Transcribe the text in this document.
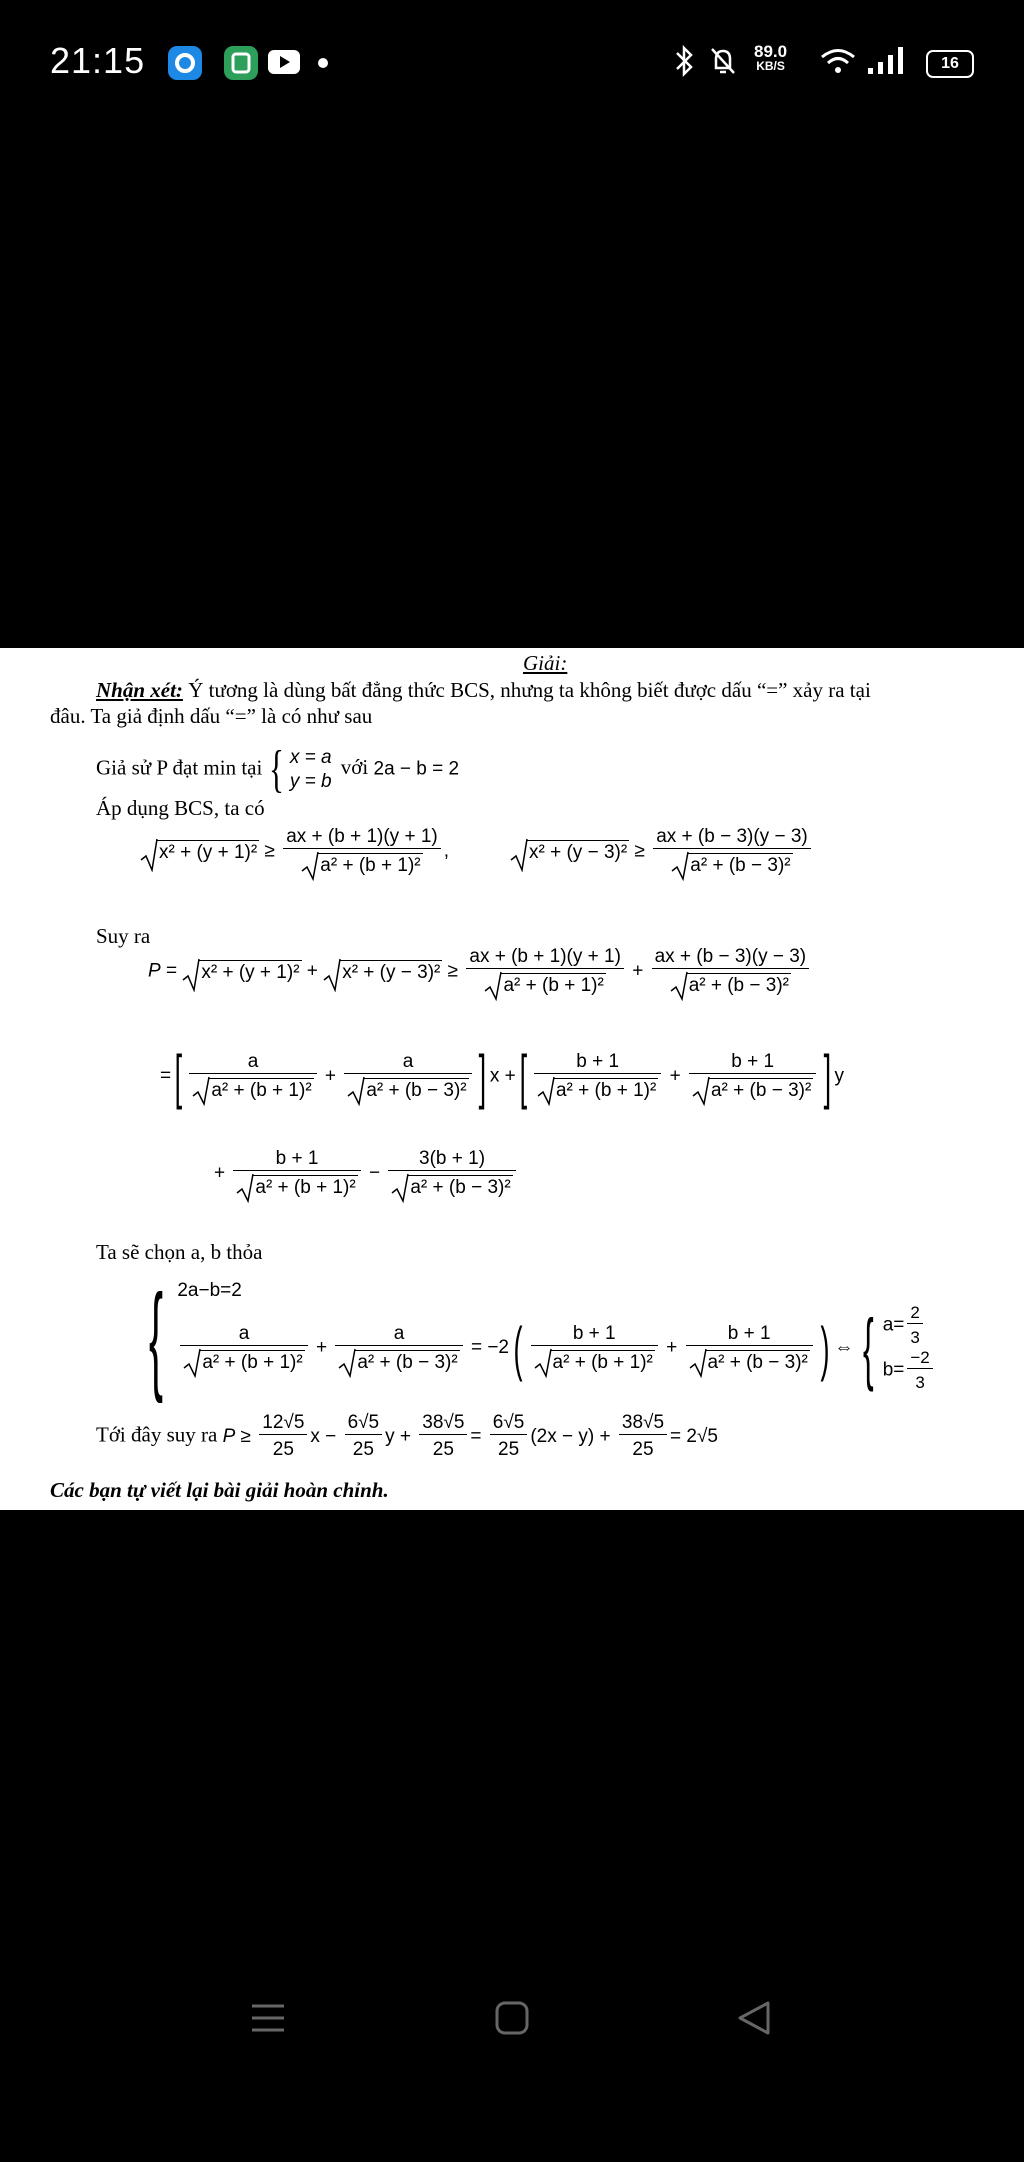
21:15	89.0
KB/S	16
Giải:
Nhận xét: Ý tương là dùng bất đẳng thức BCS, nhưng ta không biết được dấu “=” xảy ra tại
đâu. Ta giả định dấu “=” là có như sau
Giả sử P đạt min tại { x = a
y = b
với 2a − b = 2
Áp dụng BCS, ta có
$x^2 + (y + 1)^2 \ge \frac{ax + (b + 1)(y + 1)}{\text{a² + (b + 1)²}}$ ,	$x^2 + (y - 3)^2 \ge \frac{ax + (b - 3)(y - 3)}{\text{a² + (b − 3)²}}$
Suy ra
P =
x² + (y + 1)² +
$x^2 + (y - 3)^2 \ge \frac{ax + (b + 1)(y + 1)}{\text{a² + (b + 1)²}} + \frac{ax + (b - 3)(y - 3)}{\text{a² + (b − 3)²}}$
= [ $\frac{a}{\text{a² + (b + 1)²}} + \frac{a}{\text{a² + (b − 3)²}}$ ] x + [ $\frac{b + 1}{\text{a² + (b + 1)²}} + \frac{b + 1}{\text{a² + (b − 3)²}}$ ] y
+ $\frac{b + 1}{\text{a² + (b + 1)²}} - \frac{3(b + 1)}{\text{a² + (b − 3)²}}$
Ta sẽ chọn a, b thỏa
{ 2a−b=2
$\frac{a}{\text{a² + (b + 1)²}} + \frac{a}{\text{a² + (b − 3)²}} = -2$ ( $\frac{b + 1}{\text{a² + (b + 1)²}} + \frac{b + 1}{\text{a² + (b − 3)²}}$ ) ⇔ { $a= \frac{2}{3}$
$b= \frac{-2}{3}$
Tới đây suy ra $P \ge \frac{12√5}{25}$ $x - \frac{6√5}{25}$ $y + \frac{38√5}{25} = \frac{6√5}{25} (2x - y) + \frac{38√5}{25} = 2√5$
Các bạn tự viết lại bài giải hoàn chỉnh.
